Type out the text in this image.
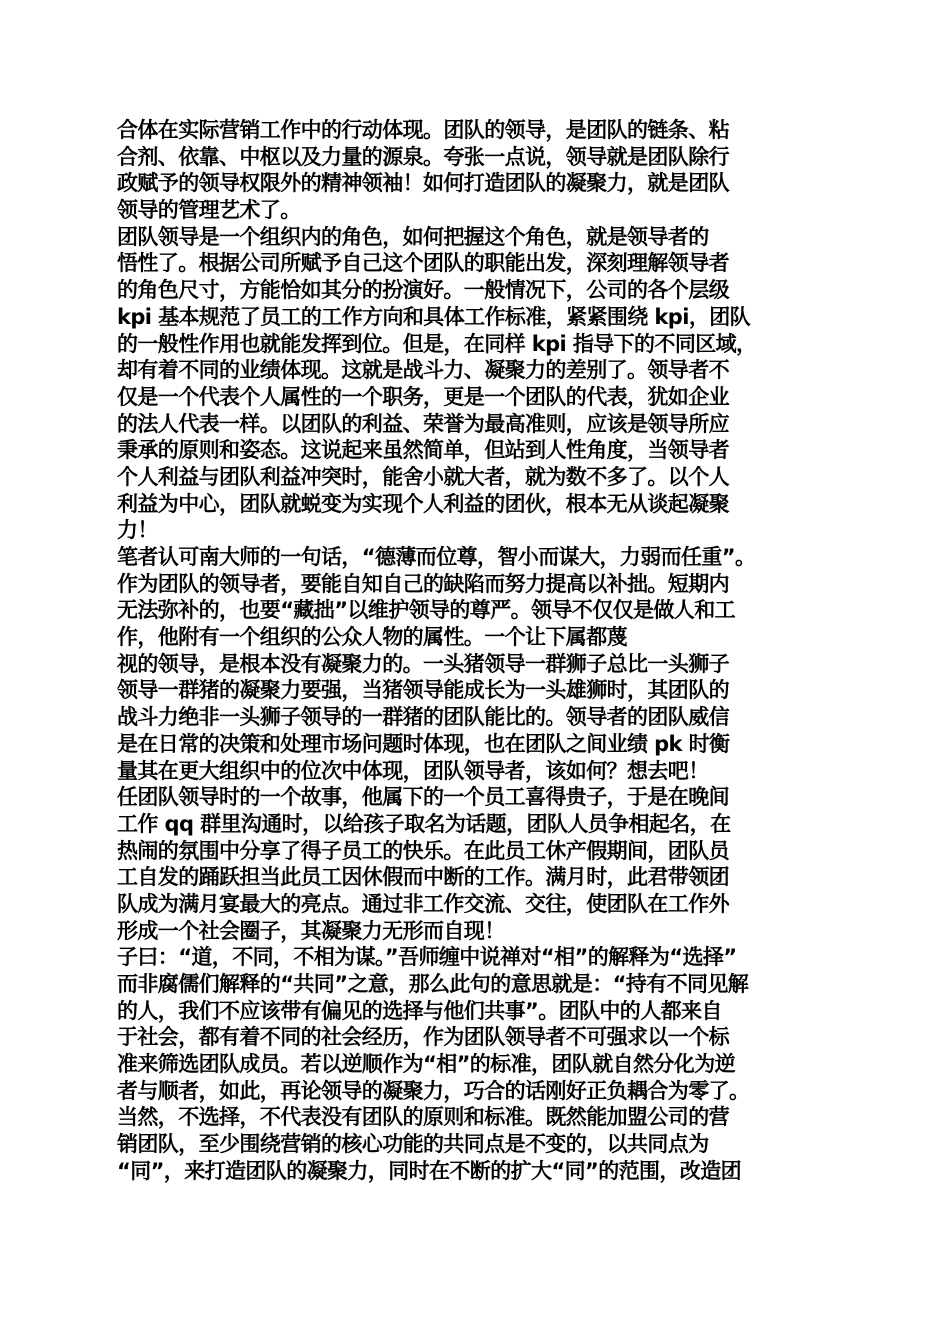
合体在实际营销工作中的行动体现。团队的领导，是团队的链条、粘
合剂、依靠、中枢以及力量的源泉。夸张一点说，领导就是团队除行
政赋予的领导权限外的精神领袖！如何打造团队的凝聚力，就是团队
领导的管理艺术了。
团队领导是一个组织内的角色，如何把握这个角色，就是领导者的
悟性了。根据公司所赋予自己这个团队的职能出发，深刻理解领导者
的角色尺寸，方能恰如其分的扮演好。一般情况下，公司的各个层级
kpi 基本规范了员工的工作方向和具体工作标准，紧紧围绕 kpi，团队
的一般性作用也就能发挥到位。但是，在同样 kpi 指导下的不同区域，
却有着不同的业绩体现。这就是战斗力、凝聚力的差别了。领导者不
仅是一个代表个人属性的一个职务，更是一个团队的代表，犹如企业
的法人代表一样。以团队的利益、荣誉为最高准则，应该是领导所应
秉承的原则和姿态。这说起来虽然简单，但站到人性角度，当领导者
个人利益与团队利益冲突时，能舍小就大者，就为数不多了。以个人
利益为中心，团队就蜕变为实现个人利益的团伙，根本无从谈起凝聚
力！
笔者认可南大师的一句话，“德薄而位尊，智小而谋大，力弱而任重”。
作为团队的领导者，要能自知自己的缺陷而努力提高以补拙。短期内
无法弥补的，也要“藏拙”以维护领导的尊严。领导不仅仅是做人和工
作，他附有一个组织的公众人物的属性。一个让下属都蔑
视的领导，是根本没有凝聚力的。一头猪领导一群狮子总比一头狮子
领导一群猪的凝聚力要强，当猪领导能成长为一头雄狮时，其团队的
战斗力绝非一头狮子领导的一群猪的团队能比的。领导者的团队威信
是在日常的决策和处理市场问题时体现，也在团队之间业绩 pk 时衡
量其在更大组织中的位次中体现，团队领导者，该如何？想去吧！
任团队领导时的一个故事，他属下的一个员工喜得贵子，于是在晚间
工作 qq 群里沟通时，以给孩子取名为话题，团队人员争相起名，在
热闹的氛围中分享了得子员工的快乐。在此员工休产假期间，团队员
工自发的踊跃担当此员工因休假而中断的工作。满月时，此君带领团
队成为满月宴最大的亮点。通过非工作交流、交往，使团队在工作外
形成一个社会圈子，其凝聚力无形而自现！
子曰：“道，不同，不相为谋。”吾师缠中说禅对“相”的解释为“选择”
而非腐儒们解释的“共同”之意，那么此句的意思就是：“持有不同见解
的人，我们不应该带有偏见的选择与他们共事”。团队中的人都来自
于社会，都有着不同的社会经历，作为团队领导者不可强求以一个标
准来筛选团队成员。若以逆顺作为“相”的标准，团队就自然分化为逆
者与顺者，如此，再论领导的凝聚力，巧合的话刚好正负耦合为零了。
当然，不选择，不代表没有团队的原则和标准。既然能加盟公司的营
销团队，至少围绕营销的核心功能的共同点是不变的，以共同点为
“同”，来打造团队的凝聚力，同时在不断的扩大“同”的范围，改造团
